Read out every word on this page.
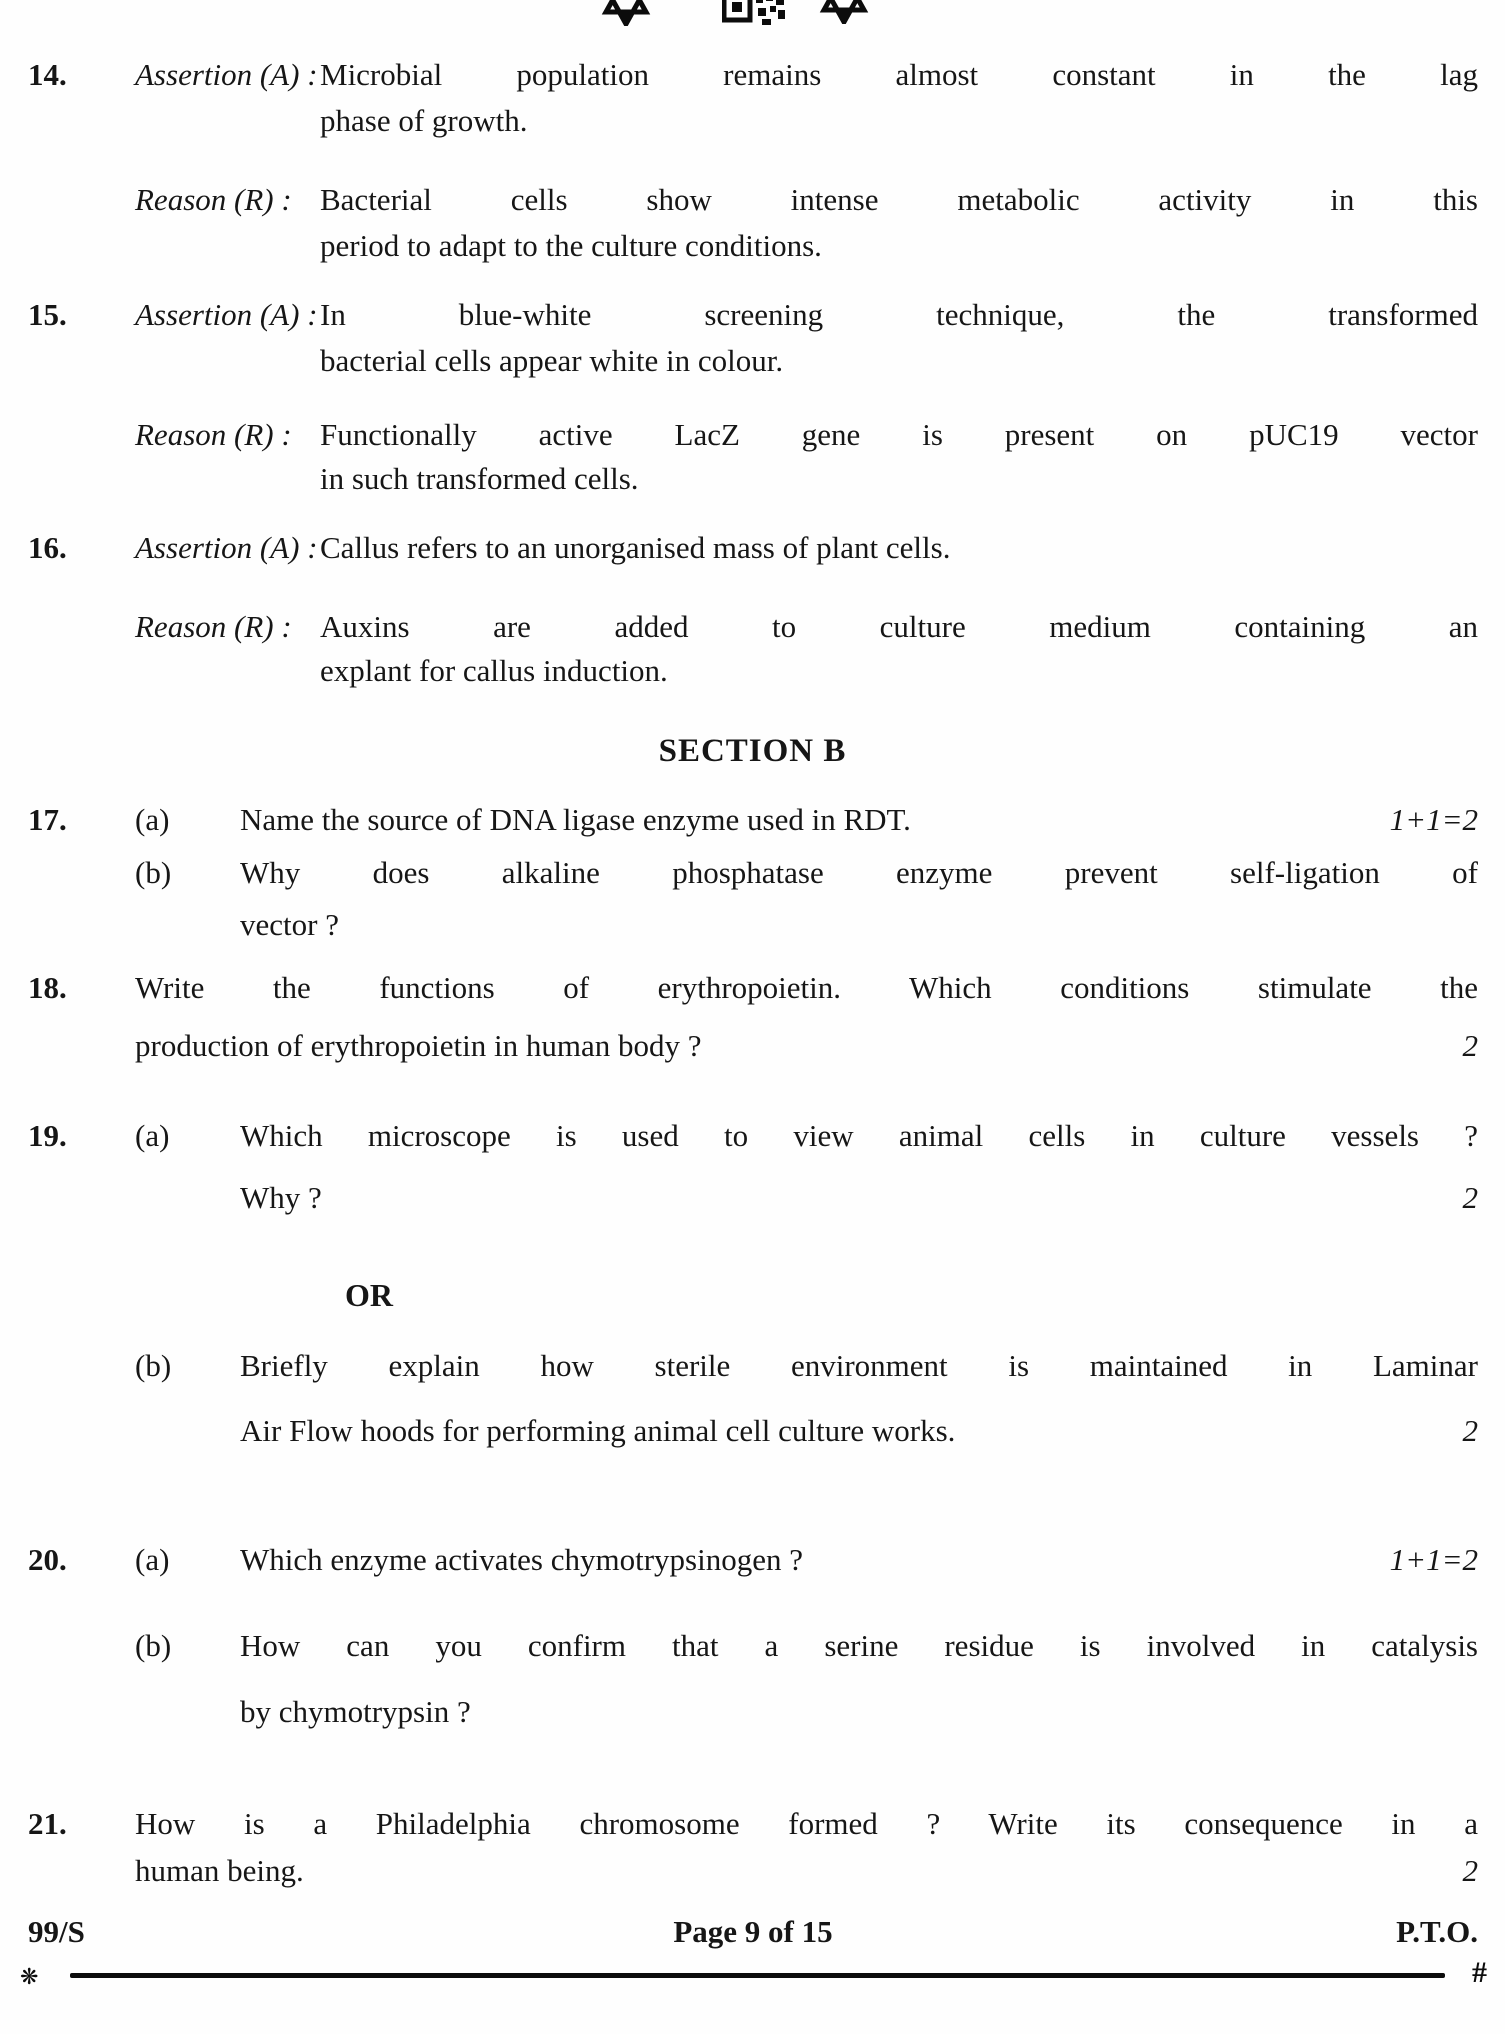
14.	Assertion (A) : Microbial population remains almost constant in the lag
phase of growth.
Reason (R) : Bacterial cells show intense metabolic activity in this
period to adapt to the culture conditions.
15.	Assertion (A) : In blue-white screening technique, the transformed
bacterial cells appear white in colour.
Reason (R) : Functionally active LacZ gene is present on pUC19 vector
in such transformed cells.
16.	Assertion (A) : Callus refers to an unorganised mass of plant cells.
Reason (R) : Auxins are added to culture medium containing an
explant for callus induction.
SECTION B
17.	(a)	Name the source of DNA ligase enzyme used in RDT.	1+1=2
(b)	Why does alkaline phosphatase enzyme prevent self-ligation of
vector ?
18.	Write the functions of erythropoietin. Which conditions stimulate the
production of erythropoietin in human body ?	2
19.	(a)	Which microscope is used to view animal cells in culture vessels ?
Why ?	2
OR
(b)	Briefly explain how sterile environment is maintained in Laminar
Air Flow hoods for performing animal cell culture works.	2
20.	(a)	Which enzyme activates chymotrypsinogen ?	1+1=2
(b)	How can you confirm that a serine residue is involved in catalysis
by chymotrypsin ?
21.	How is a Philadelphia chromosome formed ? Write its consequence in a
human being.	2
Page 9 of 15
99/S	P.T.O.
❋	#
